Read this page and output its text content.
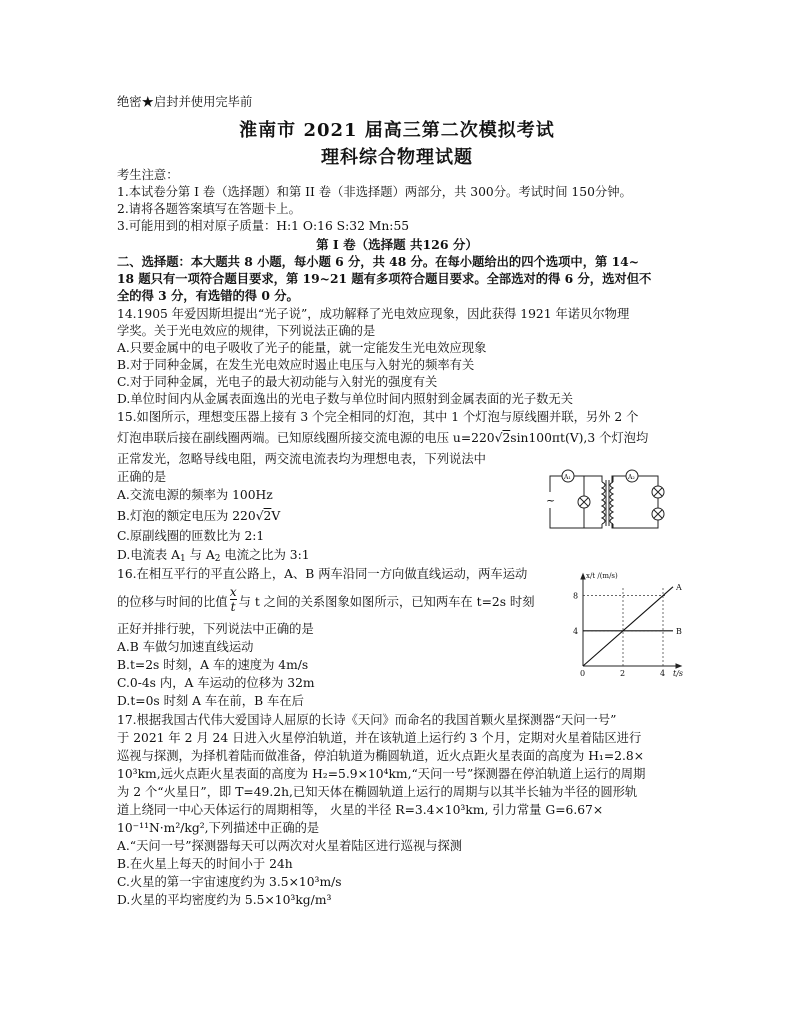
绝密★启封并使用完毕前
淮南市 2021 届高三第二次模拟考试
理科综合物理试题
考生注意：
1.本试卷分第 I 卷（选择题）和第 II 卷（非选择题）两部分，共 300分。考试时间 150分钟。
2.请将各题答案填写在答题卡上。
3.可能用到的相对原子质量：H:1 O:16 S:32 Mn:55
第 I 卷（选择题 共126 分）
二、选择题：本大题共 8 小题，每小题 6 分，共 48 分。在每小题给出的四个选项中，第 14~
18 题只有一项符合题目要求，第 19~21 题有多项符合题目要求。全部选对的得 6 分，选对但不
全的得 3 分，有选错的得 0 分。
14.1905 年爱因斯坦提出“光子说”，成功解释了光电效应现象，因此获得 1921 年诺贝尔物理
学奖。关于光电效应的规律，下列说法正确的是
A.只要金属中的电子吸收了光子的能量，就一定能发生光电效应现象
B.对于同种金属，在发生光电效应时遏止电压与入射光的频率有关
C.对于同种金属，光电子的最大初动能与入射光的强度有关
D.单位时间内从金属表面逸出的光电子数与单位时间内照射到金属表面的光子数无关
15.如图所示，理想变压器上接有 3 个完全相同的灯泡，其中 1 个灯泡与原线圈并联，另外 2 个
灯泡串联后接在副线圈两端。已知原线圈所接交流电源的电压 u=220√2sin100πt(V),3 个灯泡均
正常发光，忽略导线电阻，两交流电流表均为理想电表，下列说法中
正确的是
A.交流电源的频率为 100Hz
B.灯泡的额定电压为 220√2V
C.原副线圈的匝数比为 2:1
D.电流表 $A_1$ 与 $A_2$ 电流之比为 3:1
A₁	A₂
~
16.在相互平行的平直公路上，A、B 两车沿同一方向做直线运动，两车运动
的位移与时间的比值 $\frac{x}{t}$ 与 t 之间的关系图象如图所示，已知两车在 t=2s 时刻
正好并排行驶，下列说法中正确的是
A.B 车做匀加速直线运动
B.t=2s 时刻，A 车的速度为 4m/s
C.0-4s 内，A 车运动的位移为 32m
D.t=0s 时刻 A 车在前，B 车在后
0	2	4
4
8
A
B
x/t /(m/s)
t/s
17.根据我国古代伟大爱国诗人屈原的长诗《天问》而命名的我国首颗火星探测器“天问一号”
于 2021 年 2 月 24 日进入火星停泊轨道，并在该轨道上运行约 3 个月，定期对火星着陆区进行
巡视与探测，为择机着陆而做准备，停泊轨道为椭圆轨道，近火点距火星表面的高度为 H₁=2.8×
10³km,远火点距火星表面的高度为 H₂=5.9×10⁴km,“天问一号”探测器在停泊轨道上运行的周期
为 2 个“火星日”，即 T=49.2h,已知天体在椭圆轨道上运行的周期与以其半长轴为半径的圆形轨
道上绕同一中心天体运行的周期相等， 火星的半径 R=3.4×10³km, 引力常量 G=6.67×
10⁻¹¹N·m²/kg²,下列描述中正确的是
A.“天问一号”探测器每天可以两次对火星着陆区进行巡视与探测
B.在火星上每天的时间小于 24h
C.火星的第一宇宙速度约为 3.5×10³m/s
D.火星的平均密度约为 5.5×10³kg/m³
